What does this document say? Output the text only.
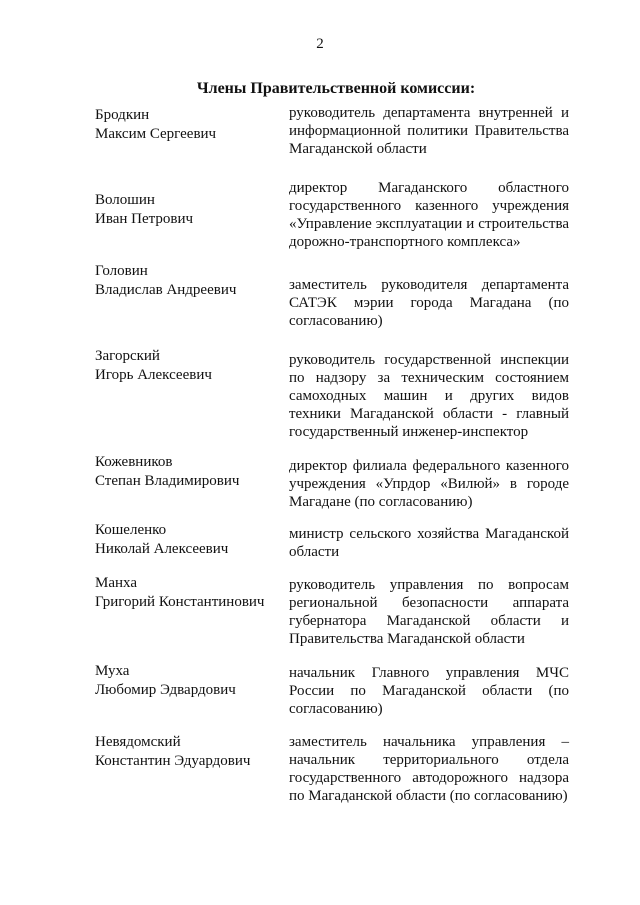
2
Члены Правительственной комиссии:
Бродкин
Максим Сергеевич
руководитель департамента внутренней и информационной политики Правительства Магаданской области
Волошин
Иван Петрович
директор Магаданского областного государственного казенного учреждения «Управление эксплуатации и строительства дорожно-транспортного комплекса»
Головин
Владислав Андреевич	заместитель руководителя департамента САТЭК мэрии города Магадана (по согласованию)
Загорский
Игорь Алексеевич
руководитель государственной инспекции по надзору за техническим состоянием самоходных машин и других видов техники Магаданской области - главный государственный инженер-инспектор
Кожевников
Степан Владимирович
директор филиала федерального казенного учреждения «Упрдор «Вилюй» в городе Магадане (по согласованию)
Кошеленко
Николай Алексеевич
министр сельского хозяйства Магаданской области
Манха
Григорий Константинович
руководитель управления по вопросам региональной безопасности аппарата губернатора Магаданской области и Правительства Магаданской области
Муха
Любомир Эдвардович
начальник Главного управления МЧС России по Магаданской области (по согласованию)
Невядомский
Константин Эдуардович
заместитель начальника управления – начальник территориального отдела государственного автодорожного надзора по Магаданской области (по согласованию)
